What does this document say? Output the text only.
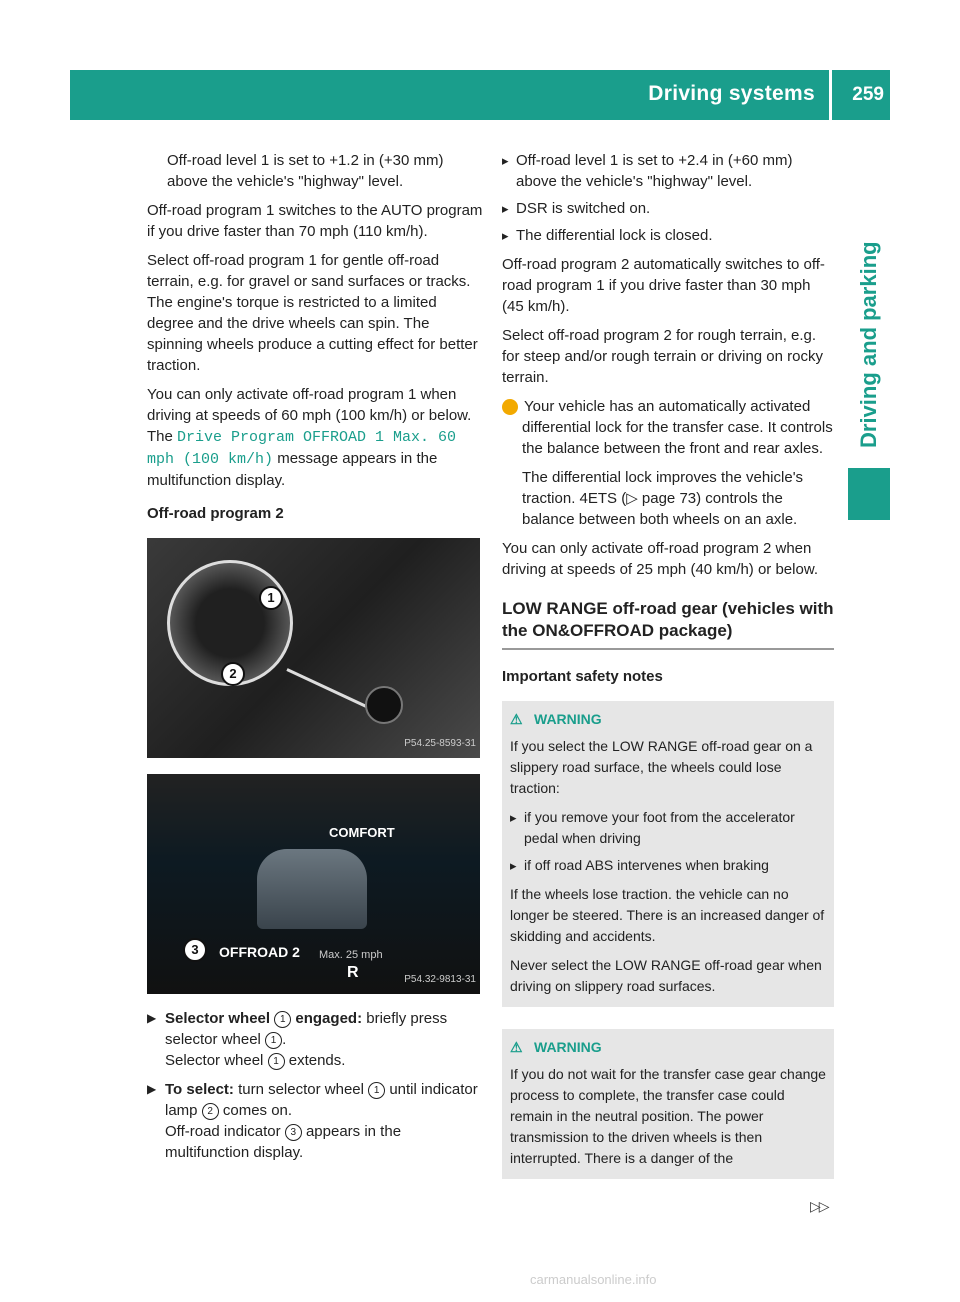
Driving systems 259
Driving and parking

Off-road level 1 is set to +1.2 in (+30 mm) above the vehicle's "highway" level.

Off-road program 1 switches to the AUTO program if you drive faster than 70 mph (110 km/h).

Select off-road program 1 for gentle off-road terrain, e.g. for gravel or sand surfaces or tracks. The engine's torque is restricted to a limited degree and the drive wheels can spin. The spinning wheels produce a cutting effect for better traction.

You can only activate off-road program 1 when driving at speeds of 60 mph (100 km/h) or below. The Drive Program OFFROAD 1 Max. 60 mph (100 km/h) message appears in the multifunction display.

Off-road program 2

1
2
P54.25-8593-31
COMFORT
OFFROAD 2 Max. 25 mph
R
3
P54.32-9813-31
▶ Selector wheel 1 engaged: briefly press selector wheel 1 .
Selector wheel 1 extends.
▶ To select: turn selector wheel 1 until indicator lamp 2 comes on.
Off-road indicator 3 appears in the multifunction display.
▸ Off-road level 1 is set to +2.4 in (+60 mm) above the vehicle's "highway" level.
▸ DSR is switched on.
▸ The differential lock is closed.

Off-road program 2 automatically switches to off-road program 1 if you drive faster than 30 mph (45 km/h).

Select off-road program 2 for rough terrain, e.g. for steep and/or rough terrain or driving on rocky terrain.

i Your vehicle has an automatically activated differential lock for the transfer case. It controls the balance between the front and rear axles.

The differential lock improves the vehicle's traction. 4ETS (▷ page 73) controls the balance between both wheels on an axle.

You can only activate off-road program 2 when driving at speeds of 25 mph (40 km/h) or below.

LOW RANGE off-road gear (vehicles with the ON&OFFROAD package)

Important safety notes

⚠ WARNING

If you select the LOW RANGE off-road gear on a slippery road surface, the wheels could lose traction:

▸ if you remove your foot from the accelerator pedal when driving
▸ if off road ABS intervenes when braking

If the wheels lose traction. the vehicle can no longer be steered. There is an increased danger of skidding and accidents.

Never select the LOW RANGE off-road gear when driving on slippery road surfaces.

⚠ WARNING

If you do not wait for the transfer case gear change process to complete, the transfer case could remain in the neutral position. The power transmission to the driven wheels is then interrupted. There is a danger of the

▷▷
carmanualsonline.info
